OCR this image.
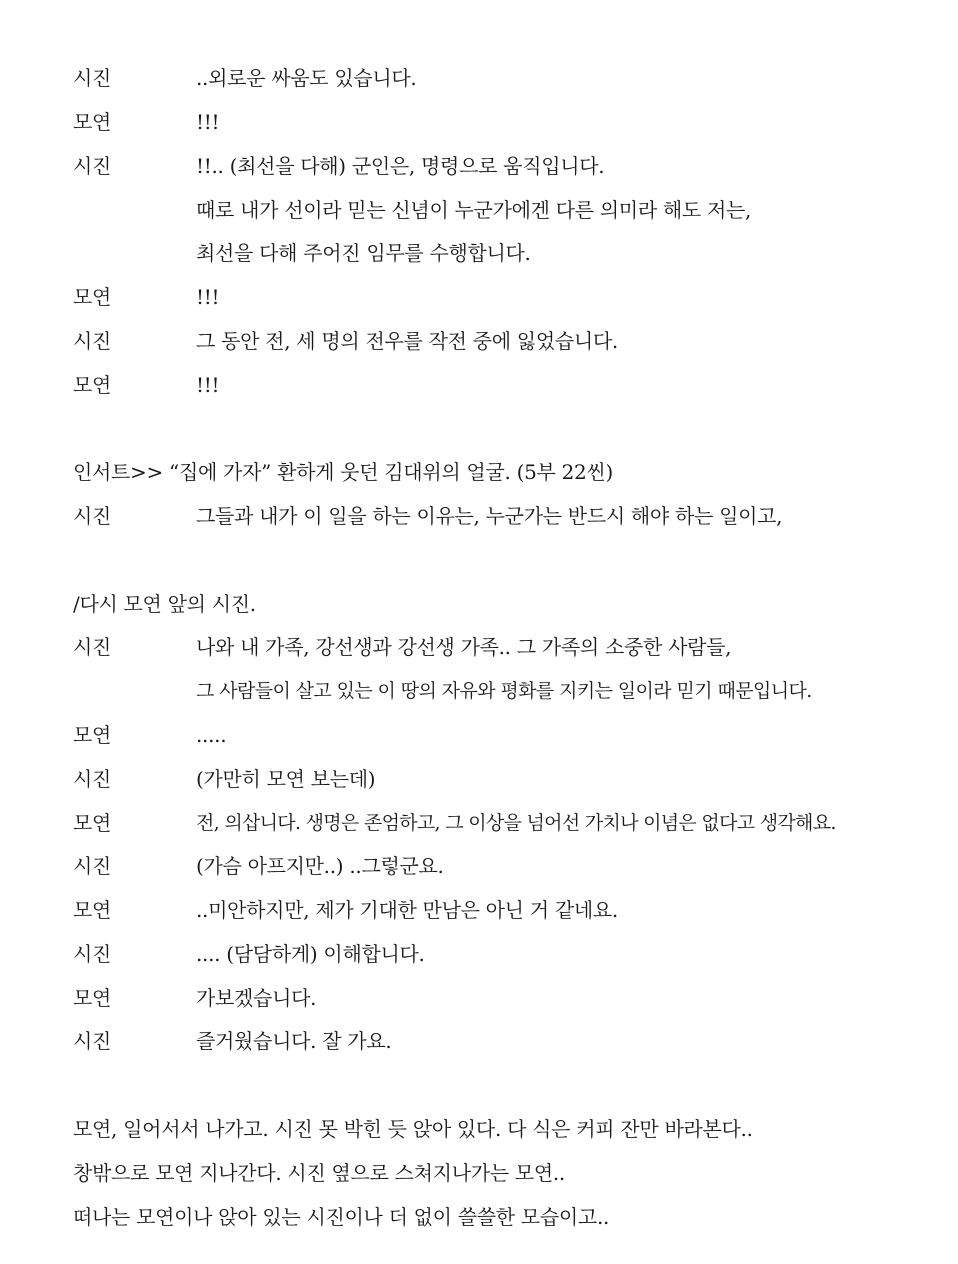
시진	..외로운 싸움도 있습니다.
모연	!!!
시진	!!.. (최선을 다해) 군인은, 명령으로 움직입니다.
때로 내가 선이라 믿는 신념이 누군가에겐 다른 의미라 해도 저는,
최선을 다해 주어진 임무를 수행합니다.
모연	!!!
시진	그 동안 전, 세 명의 전우를 작전 중에 잃었습니다.
모연	!!!
인서트>> “집에 가자” 환하게 웃던 김대위의 얼굴. (5부 22씬)
시진	그들과 내가 이 일을 하는 이유는, 누군가는 반드시 해야 하는 일이고,
/다시 모연 앞의 시진.
시진	나와 내 가족, 강선생과 강선생 가족.. 그 가족의 소중한 사람들,
그 사람들이 살고 있는 이 땅의 자유와 평화를 지키는 일이라 믿기 때문입니다.
모연	.....
시진	(가만히 모연 보는데)
모연	전, 의삽니다. 생명은 존엄하고, 그 이상을 넘어선 가치나 이념은 없다고 생각해요.
시진	(가슴 아프지만..) ..그렇군요.
모연	..미안하지만, 제가 기대한 만남은 아닌 거 같네요.
시진	.... (담담하게) 이해합니다.
모연	가보겠습니다.
시진	즐거웠습니다. 잘 가요.
모연, 일어서서 나가고. 시진 못 박힌 듯 앉아 있다. 다 식은 커피 잔만 바라본다..
창밖으로 모연 지나간다. 시진 옆으로 스쳐지나가는 모연..
떠나는 모연이나 앉아 있는 시진이나 더 없이 쓸쓸한 모습이고..
